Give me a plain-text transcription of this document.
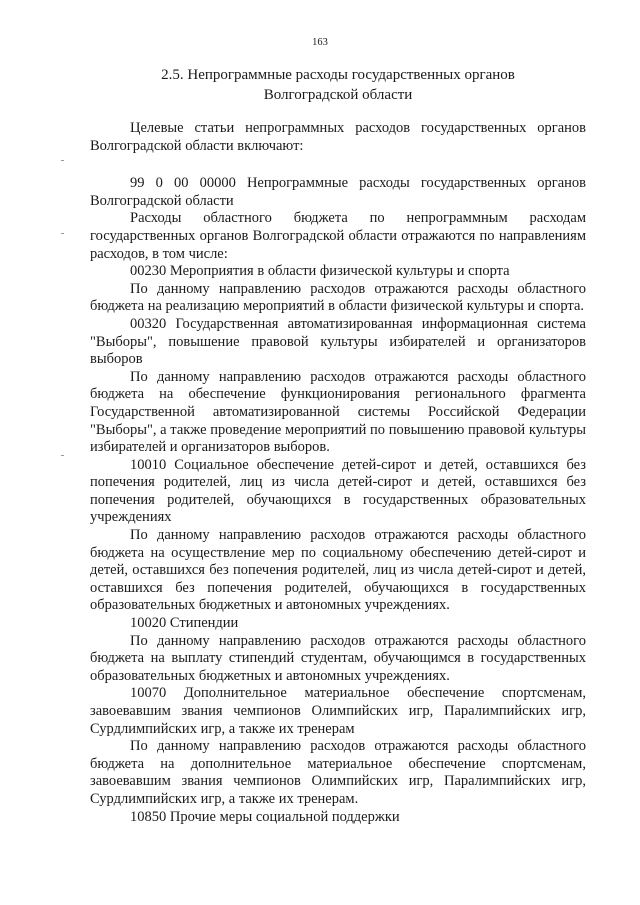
163
2.5. Непрограммные расходы государственных органов
Волгоградской области

Целевые статьи непрограммных расходов государственных органов Волгоградской области включают:

99 0 00 00000 Непрограммные расходы государственных органов Волгоградской области

Расходы областного бюджета по непрограммным расходам государственных органов Волгоградской области отражаются по направлениям расходов, в том числе:

00230 Мероприятия в области физической культуры и спорта

По данному направлению расходов отражаются расходы областного бюджета на реализацию мероприятий в области физической культуры и спорта.

00320 Государственная автоматизированная информационная система "Выборы", повышение правовой культуры избирателей и организаторов выборов

По данному направлению расходов отражаются расходы областного бюджета на обеспечение функционирования регионального фрагмента Государственной автоматизированной системы Российской Федерации "Выборы", а также проведение мероприятий по повышению правовой культуры избирателей и организаторов выборов.

10010 Социальное обеспечение детей-сирот и детей, оставшихся без попечения родителей, лиц из числа детей-сирот и детей, оставшихся без попечения родителей, обучающихся в государственных образовательных учреждениях

По данному направлению расходов отражаются расходы областного бюджета на осуществление мер по социальному обеспечению детей-сирот и детей, оставшихся без попечения родителей, лиц из числа детей-сирот и детей, оставшихся без попечения родителей, обучающихся в государственных образовательных бюджетных и автономных учреждениях.

10020 Стипендии

По данному направлению расходов отражаются расходы областного бюджета на выплату стипендий студентам, обучающимся в государственных образовательных бюджетных и автономных учреждениях.

10070 Дополнительное материальное обеспечение спортсменам, завоевавшим звания чемпионов Олимпийских игр, Паралимпийских игр, Сурдлимпийских игр, а также их тренерам

По данному направлению расходов отражаются расходы областного бюджета на дополнительное материальное обеспечение спортсменам, завоевавшим звания чемпионов Олимпийских игр, Паралимпийских игр, Сурдлимпийских игр, а также их тренерам.

10850 Прочие меры социальной поддержки
